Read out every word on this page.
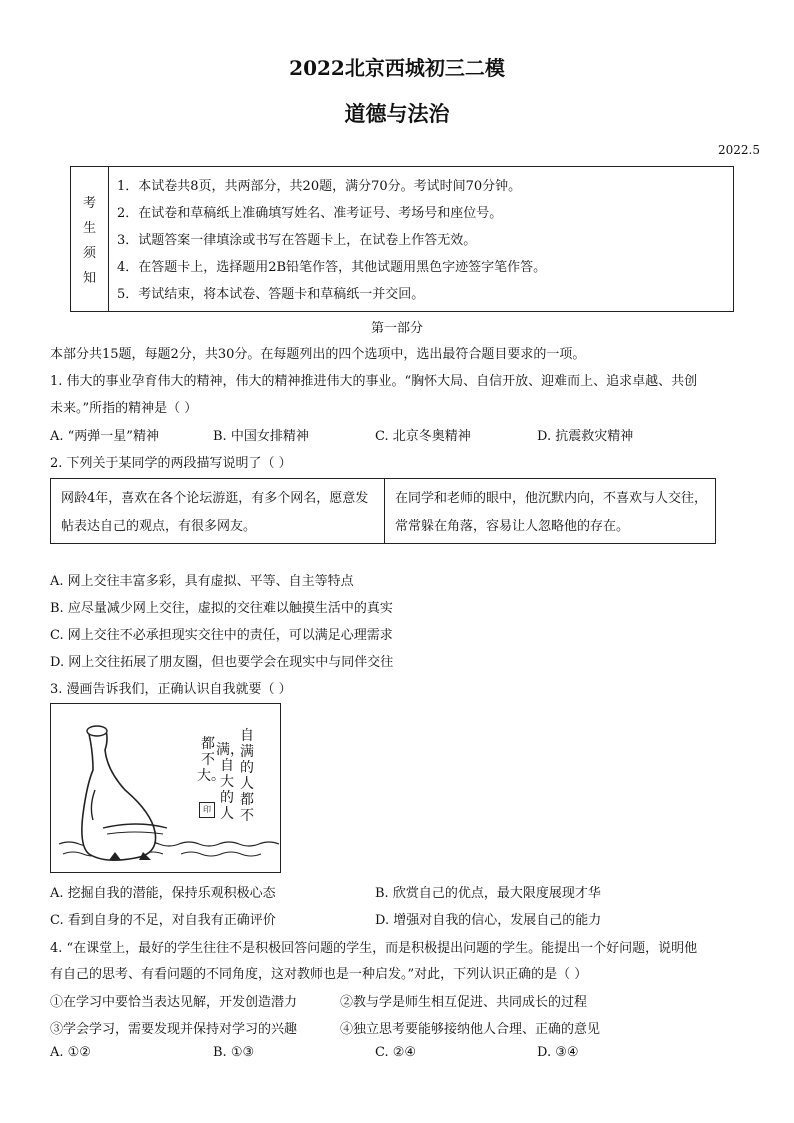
2022北京西城初三二模
道德与法治
2022.5
考
生
须
知
1．本试卷共8页，共两部分，共20题，满分70分。考试时间70分钟。
2．在试卷和草稿纸上准确填写姓名、准考证号、考场号和座位号。
3．试题答案一律填涂或书写在答题卡上，在试卷上作答无效。
4．在答题卡上，选择题用2B铅笔作答，其他试题用黑色字迹签字笔作答。
5．考试结束，将本试卷、答题卡和草稿纸一并交回。
第一部分
本部分共15题，每题2分，共30分。在每题列出的四个选项中，选出最符合题目要求的一项。
1. 伟大的事业孕育伟大的精神，伟大的精神推进伟大的事业。“胸怀大局、自信开放、迎难而上、追求卓越、共创
未来。”所指的精神是（ ）
A. “两弹一星”精神	B. 中国女排精神	C. 北京冬奥精神	D. 抗震救灾精神
2. 下列关于某同学的两段描写说明了（ ）
网龄4年，喜欢在各个论坛游逛，有多个网名，愿意发帖表达自己的观点，有很多网友。
在同学和老师的眼中，他沉默内向，不喜欢与人交往，常常躲在角落，容易让人忽略他的存在。
A. 网上交往丰富多彩，具有虚拟、平等、自主等特点
B. 应尽量减少网上交往，虚拟的交往难以触摸生活中的真实
C. 网上交往不必承担现实交往中的责任，可以满足心理需求
D. 网上交往拓展了朋友圈，但也要学会在现实中与同伴交往
3. 漫画告诉我们，正确认识自我就要（ ）
自满的人都不
满，自大的人
都不大。
印
A. 挖掘自我的潜能，保持乐观积极心态	B. 欣赏自己的优点，最大限度展现才华
C. 看到自身的不足，对自我有正确评价	D. 增强对自我的信心，发展自己的能力
4. “在课堂上，最好的学生往往不是积极回答问题的学生，而是积极提出问题的学生。能提出一个好问题，说明他
有自己的思考、有看问题的不同角度，这对教师也是一种启发。”对此，下列认识正确的是（ ）
①在学习中要恰当表达见解，开发创造潜力	②教与学是师生相互促进、共同成长的过程
③学会学习，需要发现并保持对学习的兴趣	④独立思考要能够接纳他人合理、正确的意见
A. ①②	B. ①③	C. ②④	D. ③④
